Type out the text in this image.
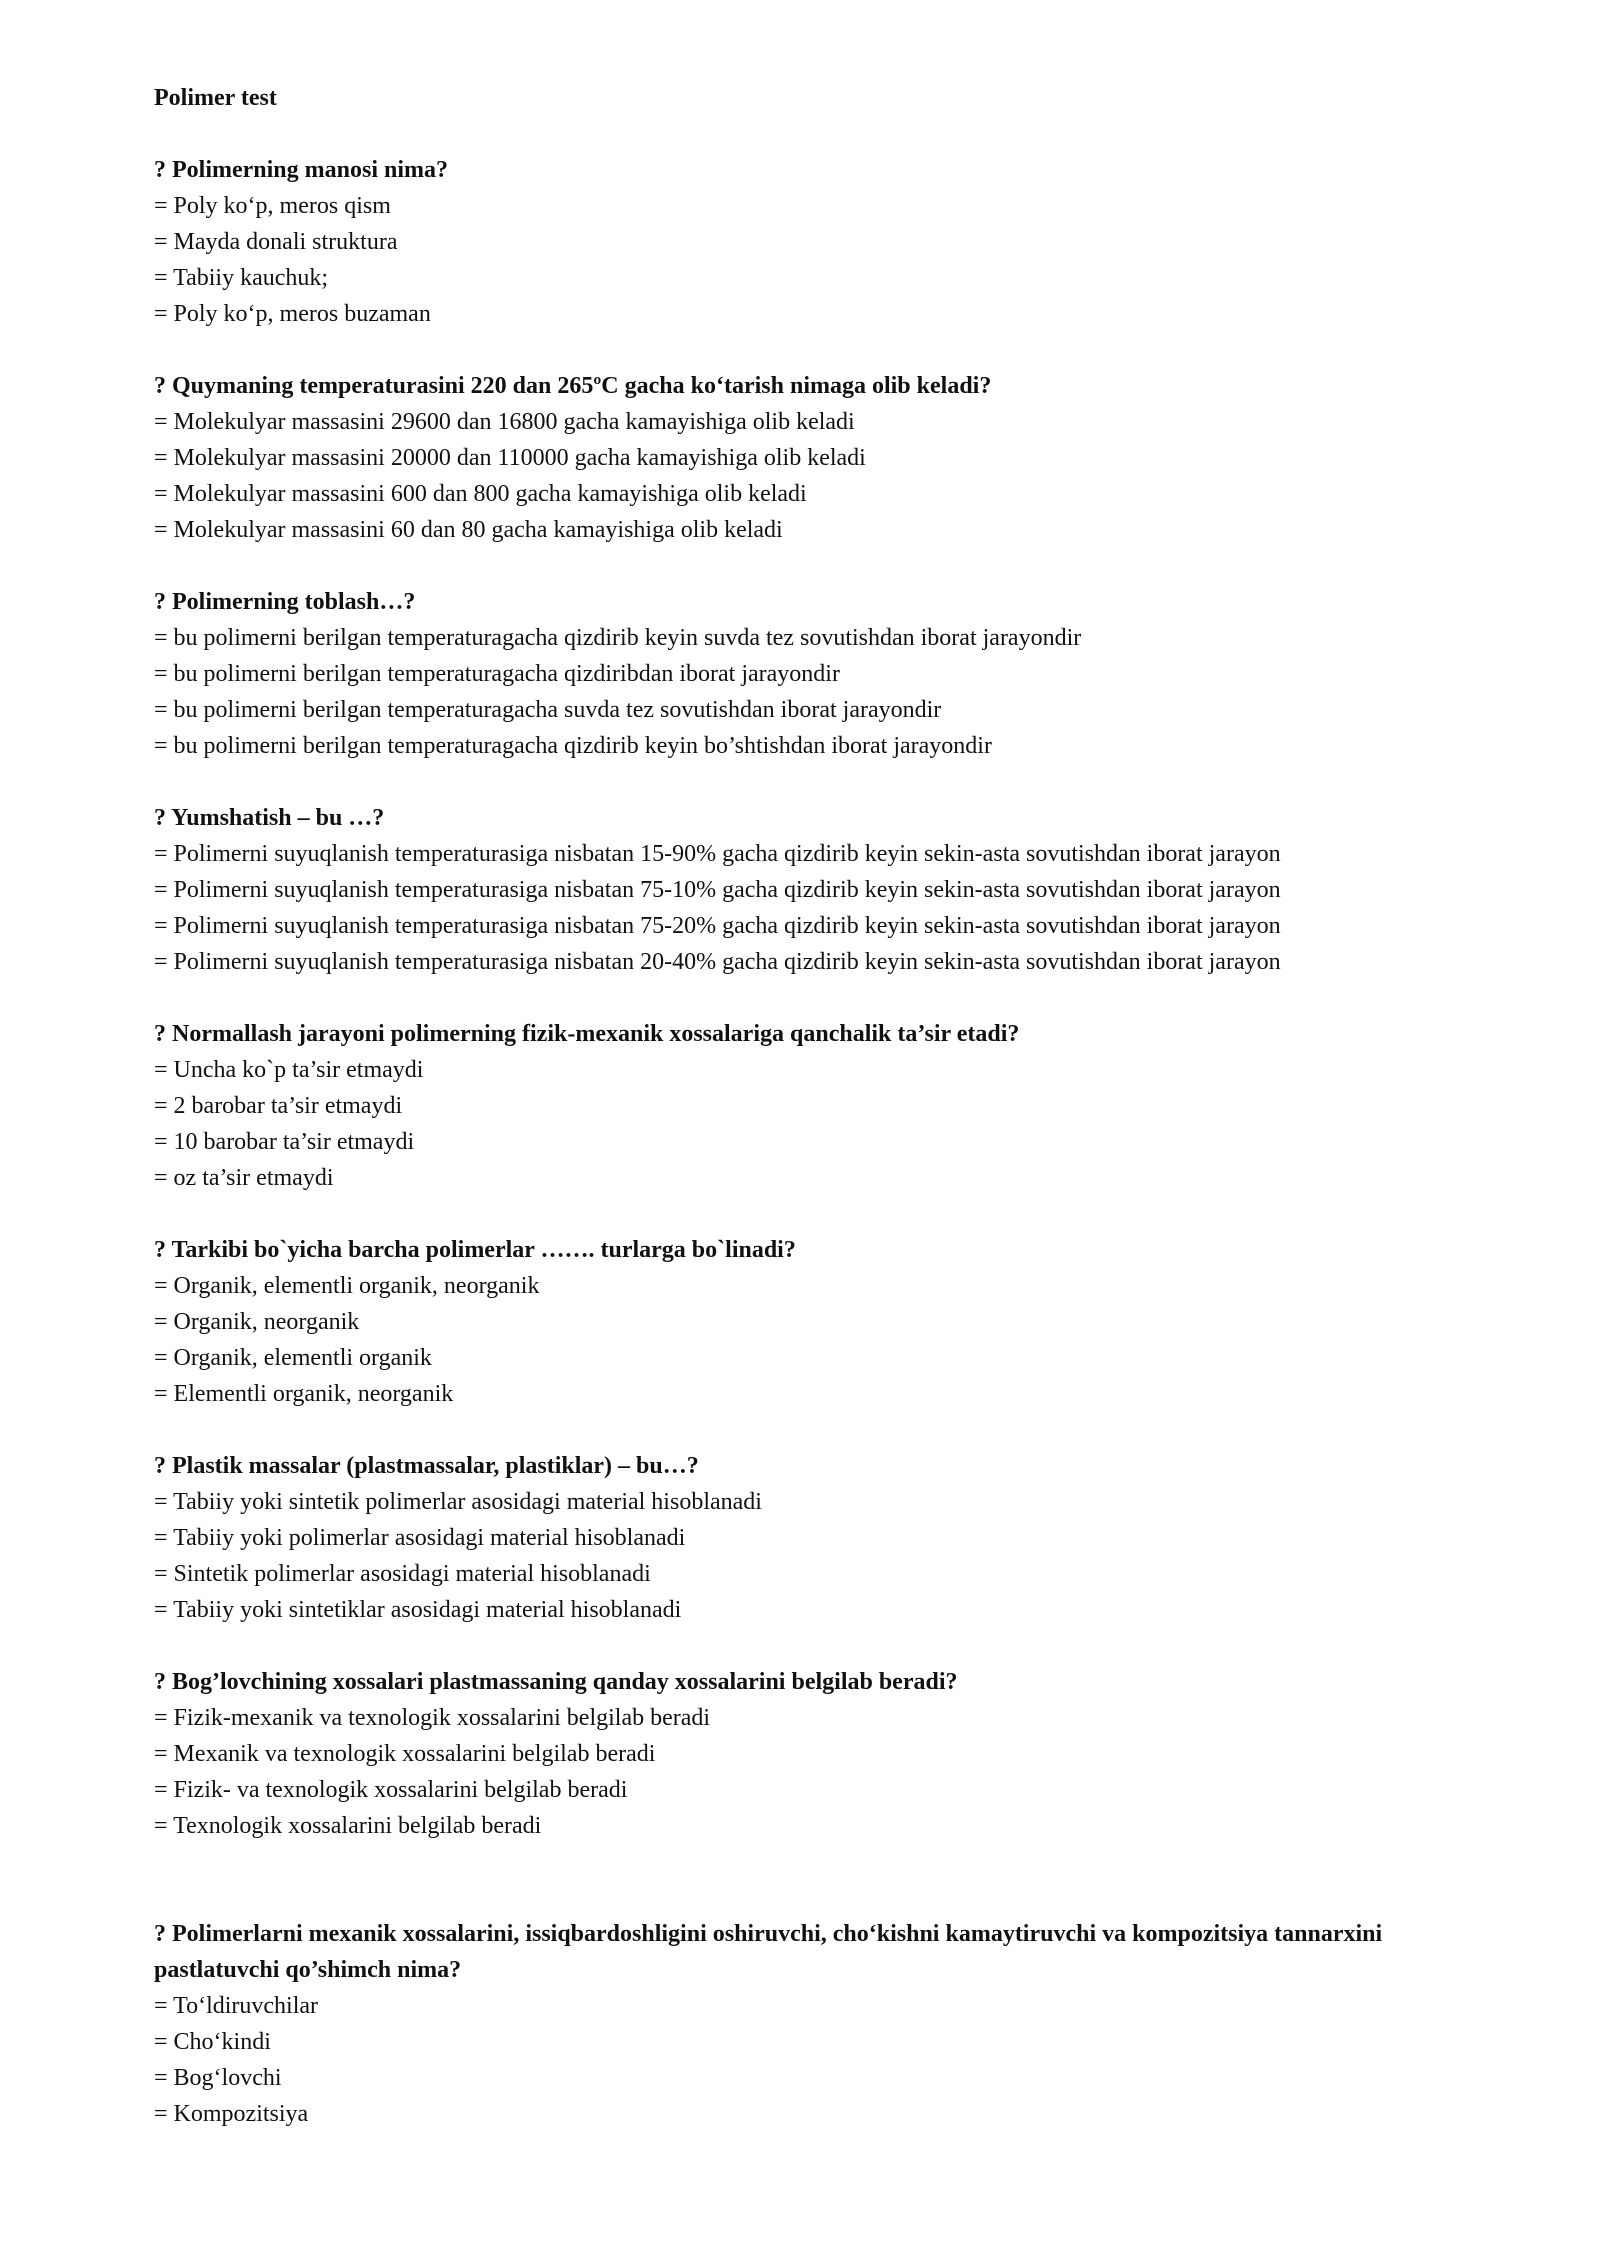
Polimer test

? Polimerning manosi nima?

= Poly ko‘p, meros qism
= Mayda donali struktura
= Tabiiy kauchuk;
= Poly ko‘p, meros buzaman

? Quymaning temperaturasini 220 dan 265ºC gacha ko‘tarish nimaga olib keladi?

= Molekulyar massasini 29600 dan 16800 gacha kamayishiga olib keladi
= Molekulyar massasini 20000 dan 110000 gacha kamayishiga olib keladi
= Molekulyar massasini 600 dan 800 gacha kamayishiga olib keladi
= Molekulyar massasini 60 dan 80 gacha kamayishiga olib keladi

? Polimerning toblash…?

= bu polimerni berilgan temperaturagacha qizdirib keyin suvda tez sovutishdan iborat jarayondir
= bu polimerni berilgan temperaturagacha qizdiribdan iborat jarayondir
= bu polimerni berilgan temperaturagacha suvda tez sovutishdan iborat jarayondir
= bu polimerni berilgan temperaturagacha qizdirib keyin bo’shtishdan iborat jarayondir

? Yumshatish – bu …?

= Polimerni suyuqlanish temperaturasiga nisbatan 15-90% gacha qizdirib keyin sekin-asta sovutishdan iborat jarayon
= Polimerni suyuqlanish temperaturasiga nisbatan 75-10% gacha qizdirib keyin sekin-asta sovutishdan iborat jarayon
= Polimerni suyuqlanish temperaturasiga nisbatan 75-20% gacha qizdirib keyin sekin-asta sovutishdan iborat jarayon
= Polimerni suyuqlanish temperaturasiga nisbatan 20-40% gacha qizdirib keyin sekin-asta sovutishdan iborat jarayon

? Normallash jarayoni polimerning fizik-mexanik xossalariga qanchalik ta’sir etadi?

= Uncha ko`p ta’sir etmaydi
= 2 barobar ta’sir etmaydi
= 10 barobar ta’sir etmaydi
= oz ta’sir etmaydi

? Tarkibi bo`yicha barcha polimerlar ……. turlarga bo`linadi?

= Organik, elementli organik, neorganik
= Organik, neorganik
= Organik, elementli organik
= Elementli organik, neorganik

? Plastik massalar (plastmassalar, plastiklar) – bu…?

= Tabiiy yoki sintetik polimerlar asosidagi material hisoblanadi
= Tabiiy yoki polimerlar asosidagi material hisoblanadi
= Sintetik polimerlar asosidagi material hisoblanadi
= Tabiiy yoki sintetiklar asosidagi material hisoblanadi

? Bog’lovchining xossalari plastmassaning qanday xossalarini belgilab beradi?

= Fizik-mexanik va texnologik xossalarini belgilab beradi
= Mexanik va texnologik xossalarini belgilab beradi
= Fizik- va texnologik xossalarini belgilab beradi
= Texnologik xossalarini belgilab beradi

? Polimerlarni mexanik xossalarini, issiqbardoshligini oshiruvchi, cho‘kishni kamaytiruvchi va kompozitsiya tannarxini pastlatuvchi qo’shimch nima?

= To‘ldiruvchilar
= Cho‘kindi
= Bog‘lovchi
= Kompozitsiya
